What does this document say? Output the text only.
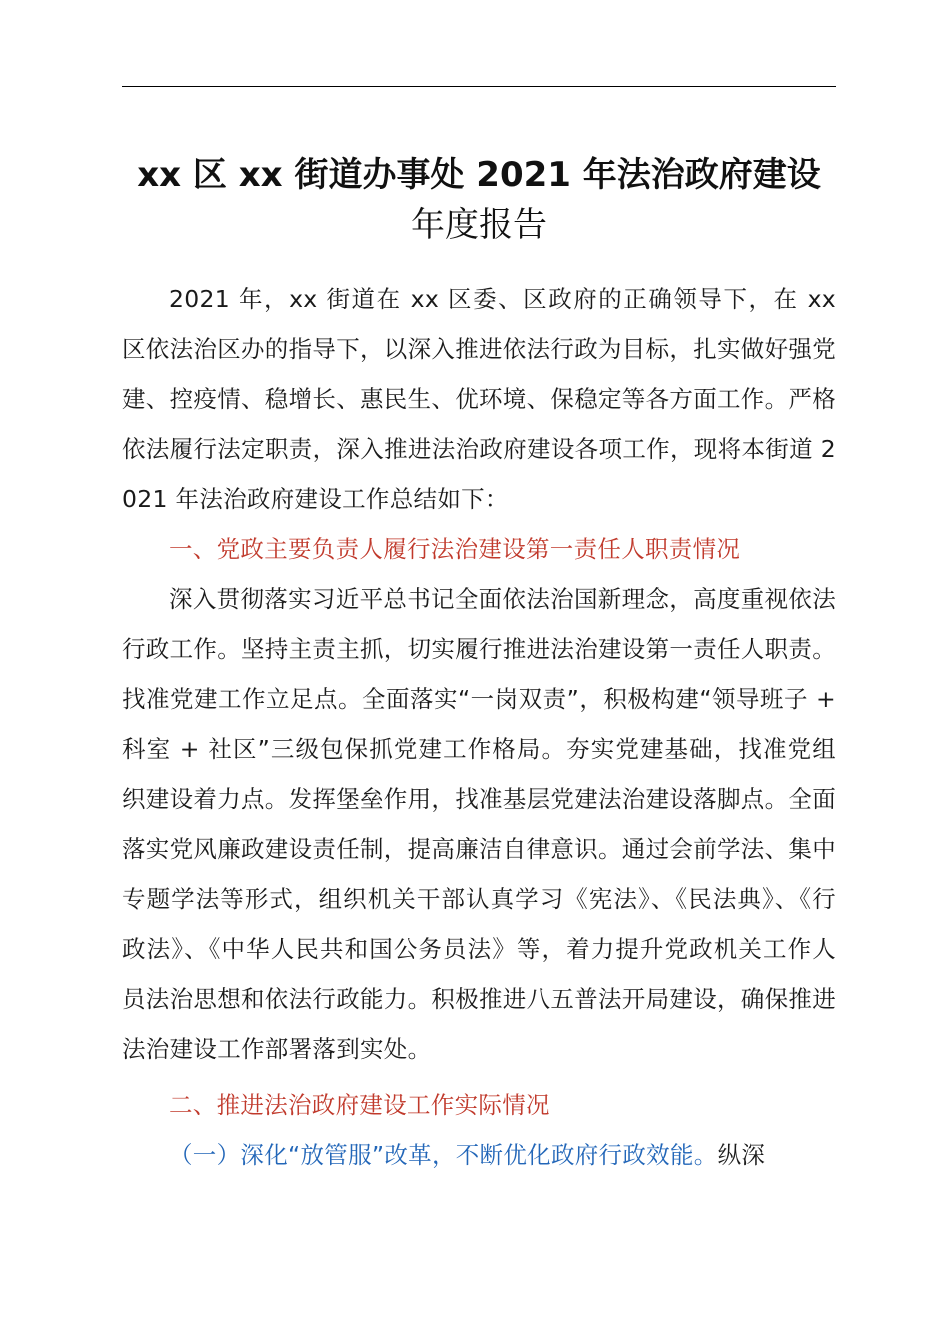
xx 区 xx 街道办事处 2021 年法治政府建设
年度报告

2021 年，xx 街道在 xx 区委、区政府的正确领导下，在 xx 区依法治区办的指导下，以深入推进依法行政为目标，扎实做好强党建、控疫情、稳增长、惠民生、优环境、保稳定等各方面工作。严格依法履行法定职责，深入推进法治政府建设各项工作，现将本街道 2021 年法治政府建设工作总结如下：

一、党政主要负责人履行法治建设第一责任人职责情况

深入贯彻落实习近平总书记全面依法治国新理念，高度重视依法行政工作。坚持主责主抓，切实履行推进法治建设第一责任人职责。找准党建工作立足点。全面落实“一岗双责”，积极构建“领导班子 + 科室 + 社区”三级包保抓党建工作格局。夯实党建基础，找准党组织建设着力点。发挥堡垒作用，找准基层党建法治建设落脚点。全面落实党风廉政建设责任制，提高廉洁自律意识。通过会前学法、集中专题学法等形式，组织机关干部认真学习《宪法》、《民法典》、《行政法》、《中华人民共和国公务员法》等，着力提升党政机关工作人员法治思想和依法行政能力。积极推进八五普法开局建设，确保推进法治建设工作部署落到实处。

二、推进法治政府建设工作实际情况

（一）深化“放管服”改革，不断优化政府行政效能。纵深
